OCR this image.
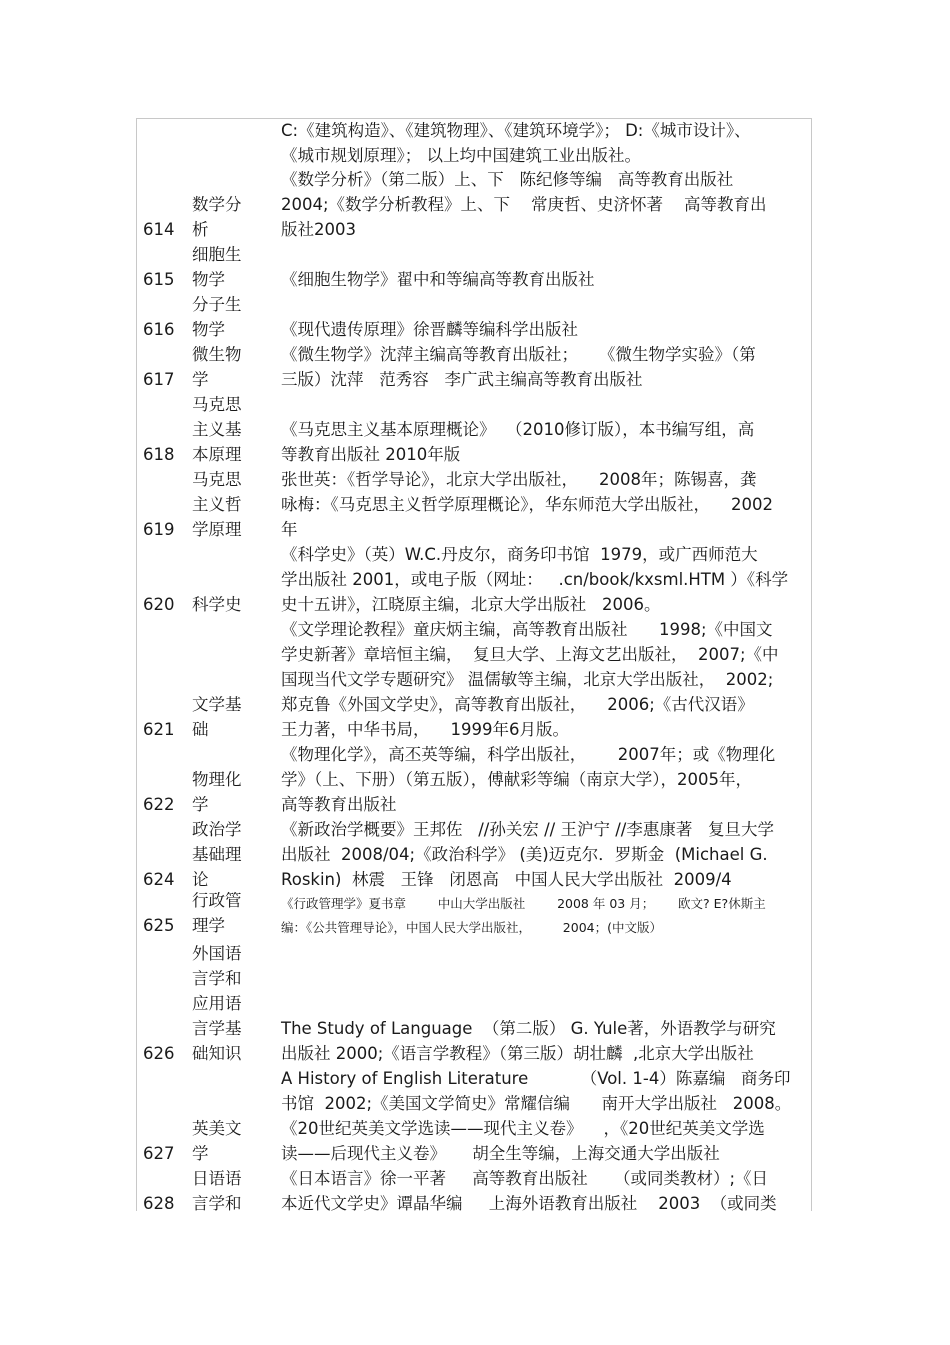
C:《建筑构造》、《建筑物理》、《建筑环境学》； D:《城市设计》、
《城市规划原理》； 以上均中国建筑工业出版社。
614
数学分
析
《数学分析》（第二版）上、下   陈纪修等编   高等教育出版社
2004;《数学分析教程》上、下    常庚哲、史济怀著    高等教育出
版社2003
615
细胞生
物学	《细胞生物学》翟中和等编高等教育出版社
616
分子生
物学	《现代遗传原理》徐晋麟等编科学出版社
617
微生物
学
《微生物学》沈萍主编高等教育出版社；    《微生物学实验》（第
三版）沈萍   范秀容   李广武主编高等教育出版社
618
马克思
主义基
本原理
《马克思主义基本原理概论》  （2010修订版），本书编写组，高
等教育出版社 2010年版
619
马克思
主义哲
学原理
张世英：《哲学导论》，北京大学出版社，    2008年；陈锡喜，龚
咏梅：《马克思主义哲学原理概论》，华东师范大学出版社，    2002
年
620 科学史
《科学史》（英）W.C.丹皮尔，商务印书馆  1979，或广西师范大
学出版社 2001，或电子版（网址：   .cn/book/kxsml.HTM ）《科学
史十五讲》，江晓原主编，北京大学出版社   2006。
621
文学基
础
《文学理论教程》童庆炳主编，高等教育出版社      1998;《中国文
学史新著》章培恒主编，  复旦大学、上海文艺出版社，  2007;《中
国现当代文学专题研究》 温儒敏等主编，北京大学出版社，  2002;
郑克鲁《外国文学史》，高等教育出版社，    2006;《古代汉语》
王力著，中华书局，    1999年6月版。
622
物理化
学
《物理化学》，高丕英等编，科学出版社，      2007年；或《物理化
学》（上、下册）（第五版），傅献彩等编（南京大学），2005年，
高等教育出版社
624
政治学
基础理
论
《新政治学概要》王邦佐   //孙关宏 // 王沪宁 //李惠康著   复旦大学
出版社  2008/04;《政治科学》 (美)迈克尔．罗斯金  (Michael G.
Roskin)  林震   王锋   闭恩高   中国人民大学出版社  2009/4
625
行政管
理学
《行政管理学》夏书章        中山大学出版社        2008 年 03 月；      欧文? E?休斯主
编：《公共管理导论》，中国人民大学出版社，        2004；(中文版）
626
外国语
言学和
应用语
言学基
础知识
The Study of Language  （第二版） G. Yule著，外语教学与研究
出版社 2000;《语言学教程》（第三版）胡壮麟  ,北京大学出版社
627
英美文
学
A History of English Literature          （Vol. 1-4）陈嘉编   商务印
书馆  2002;《美国文学简史》常耀信编      南开大学出版社   2008。
《20世纪英美文学选读——现代主义卷》    ，《20世纪英美文学选
读——后现代主义卷》     胡全生等编，上海交通大学出版社
628
日语语
言学和
《日本语言》徐一平著     高等教育出版社     （或同类教材）;《日
本近代文学史》谭晶华编     上海外语教育出版社    2003  （或同类
